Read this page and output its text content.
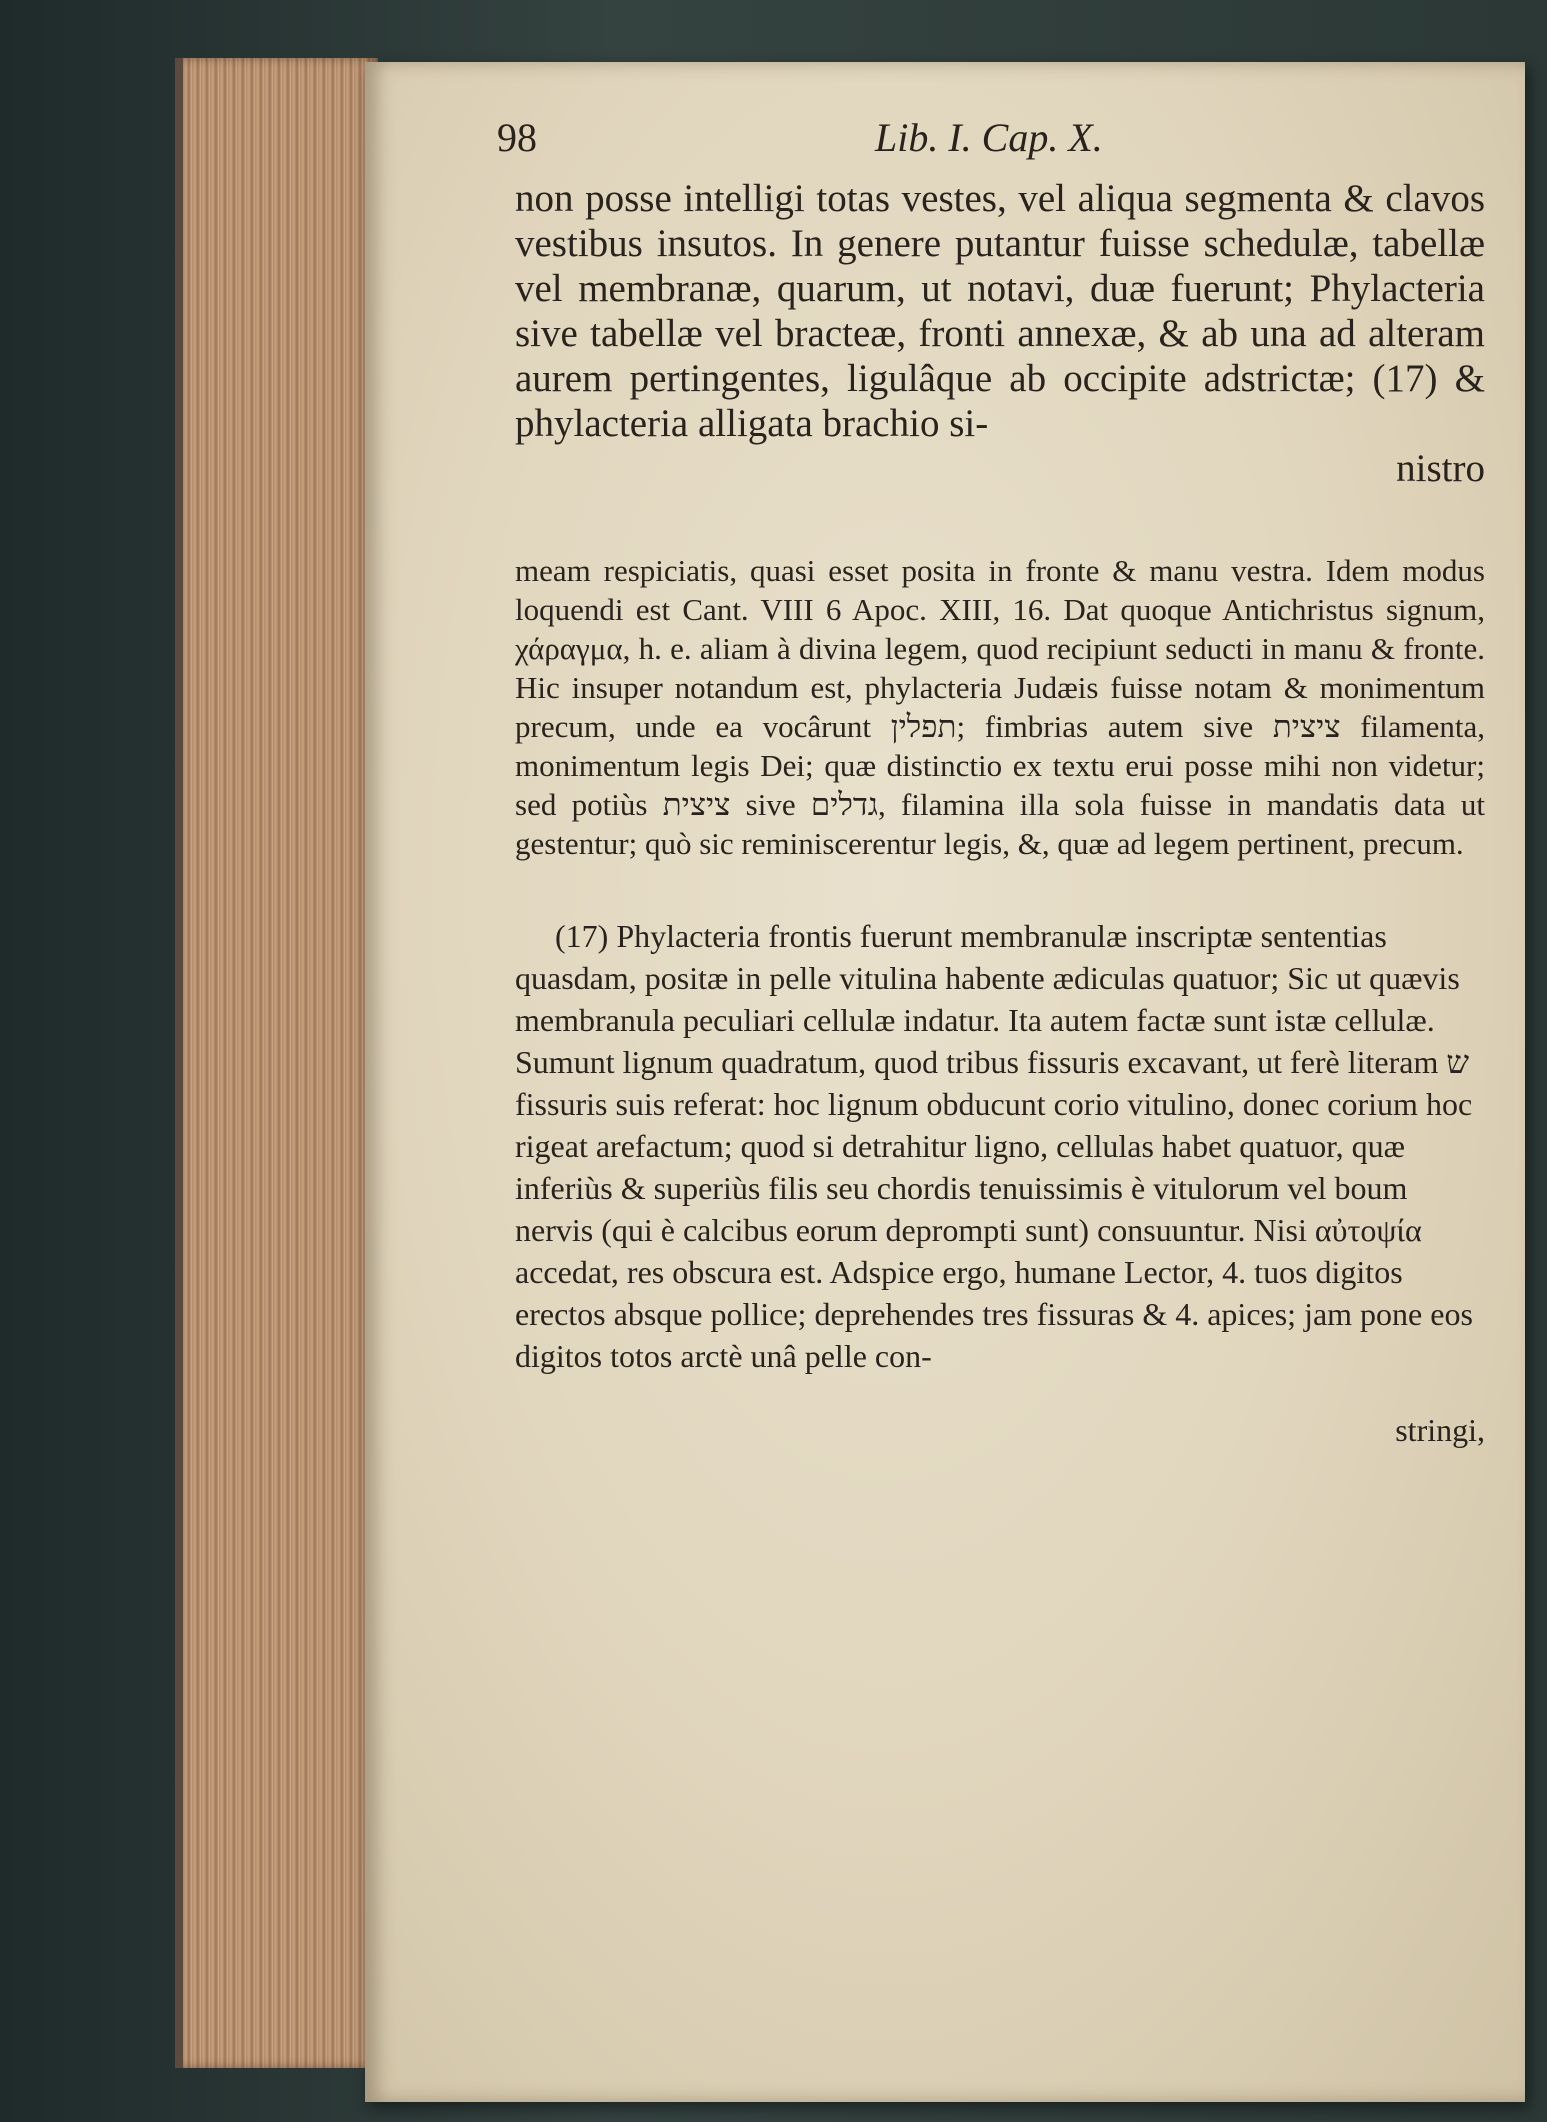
98	Lib. I. Cap. X.

non posse intelligi totas vestes, vel aliqua segmenta & clavos vestibus insutos. In genere putantur fuisse schedulæ, tabellæ vel membranæ, quarum, ut notavi, duæ fuerunt; Phylacteria sive tabellæ vel bracteæ, fronti annexæ, & ab una ad alteram aurem pertingentes, ligulâque ab occipite adstrictæ; (17) & phylacteria alligata brachio si-

nistro

meam respiciatis, quasi esset posita in fronte & manu vestra. Idem modus loquendi est Cant. VIII 6 Apoc. XIII, 16. Dat quoque Antichristus signum, χάραγμα, h. e. aliam à divina legem, quod recipiunt seducti in manu & fronte. Hic insuper notandum est, phylacteria Judæis fuisse notam & monimentum precum, unde ea vocârunt תפלין; fimbrias autem sive ציצית filamenta, monimentum legis Dei; quæ distinctio ex textu erui posse mihi non videtur; sed potiùs ציצית sive גדלים, filamina illa sola fuisse in mandatis data ut gestentur; quò sic reminiscerentur legis, &, quæ ad legem pertinent, precum.

(17) Phylacteria frontis fuerunt membranulæ inscriptæ sententias quasdam, positæ in pelle vitulina habente ædiculas quatuor; Sic ut quævis membranula peculiari cellulæ indatur. Ita autem factæ sunt istæ cellulæ. Sumunt lignum quadratum, quod tribus fissuris excavant, ut ferè literam ש fissuris suis referat: hoc lignum obducunt corio vitulino, donec corium hoc rigeat arefactum; quod si detrahitur ligno, cellulas habet quatuor, quæ inferiùs & superiùs filis seu chordis tenuissimis è vitulorum vel boum nervis (qui è calcibus eorum deprompti sunt) consuuntur. Nisi αὐτοψία accedat, res obscura est. Adspice ergo, humane Lector, 4. tuos digitos erectos absque pollice; deprehendes tres fissuras & 4. apices; jam pone eos digitos totos arctè unâ pelle con-

stringi,
